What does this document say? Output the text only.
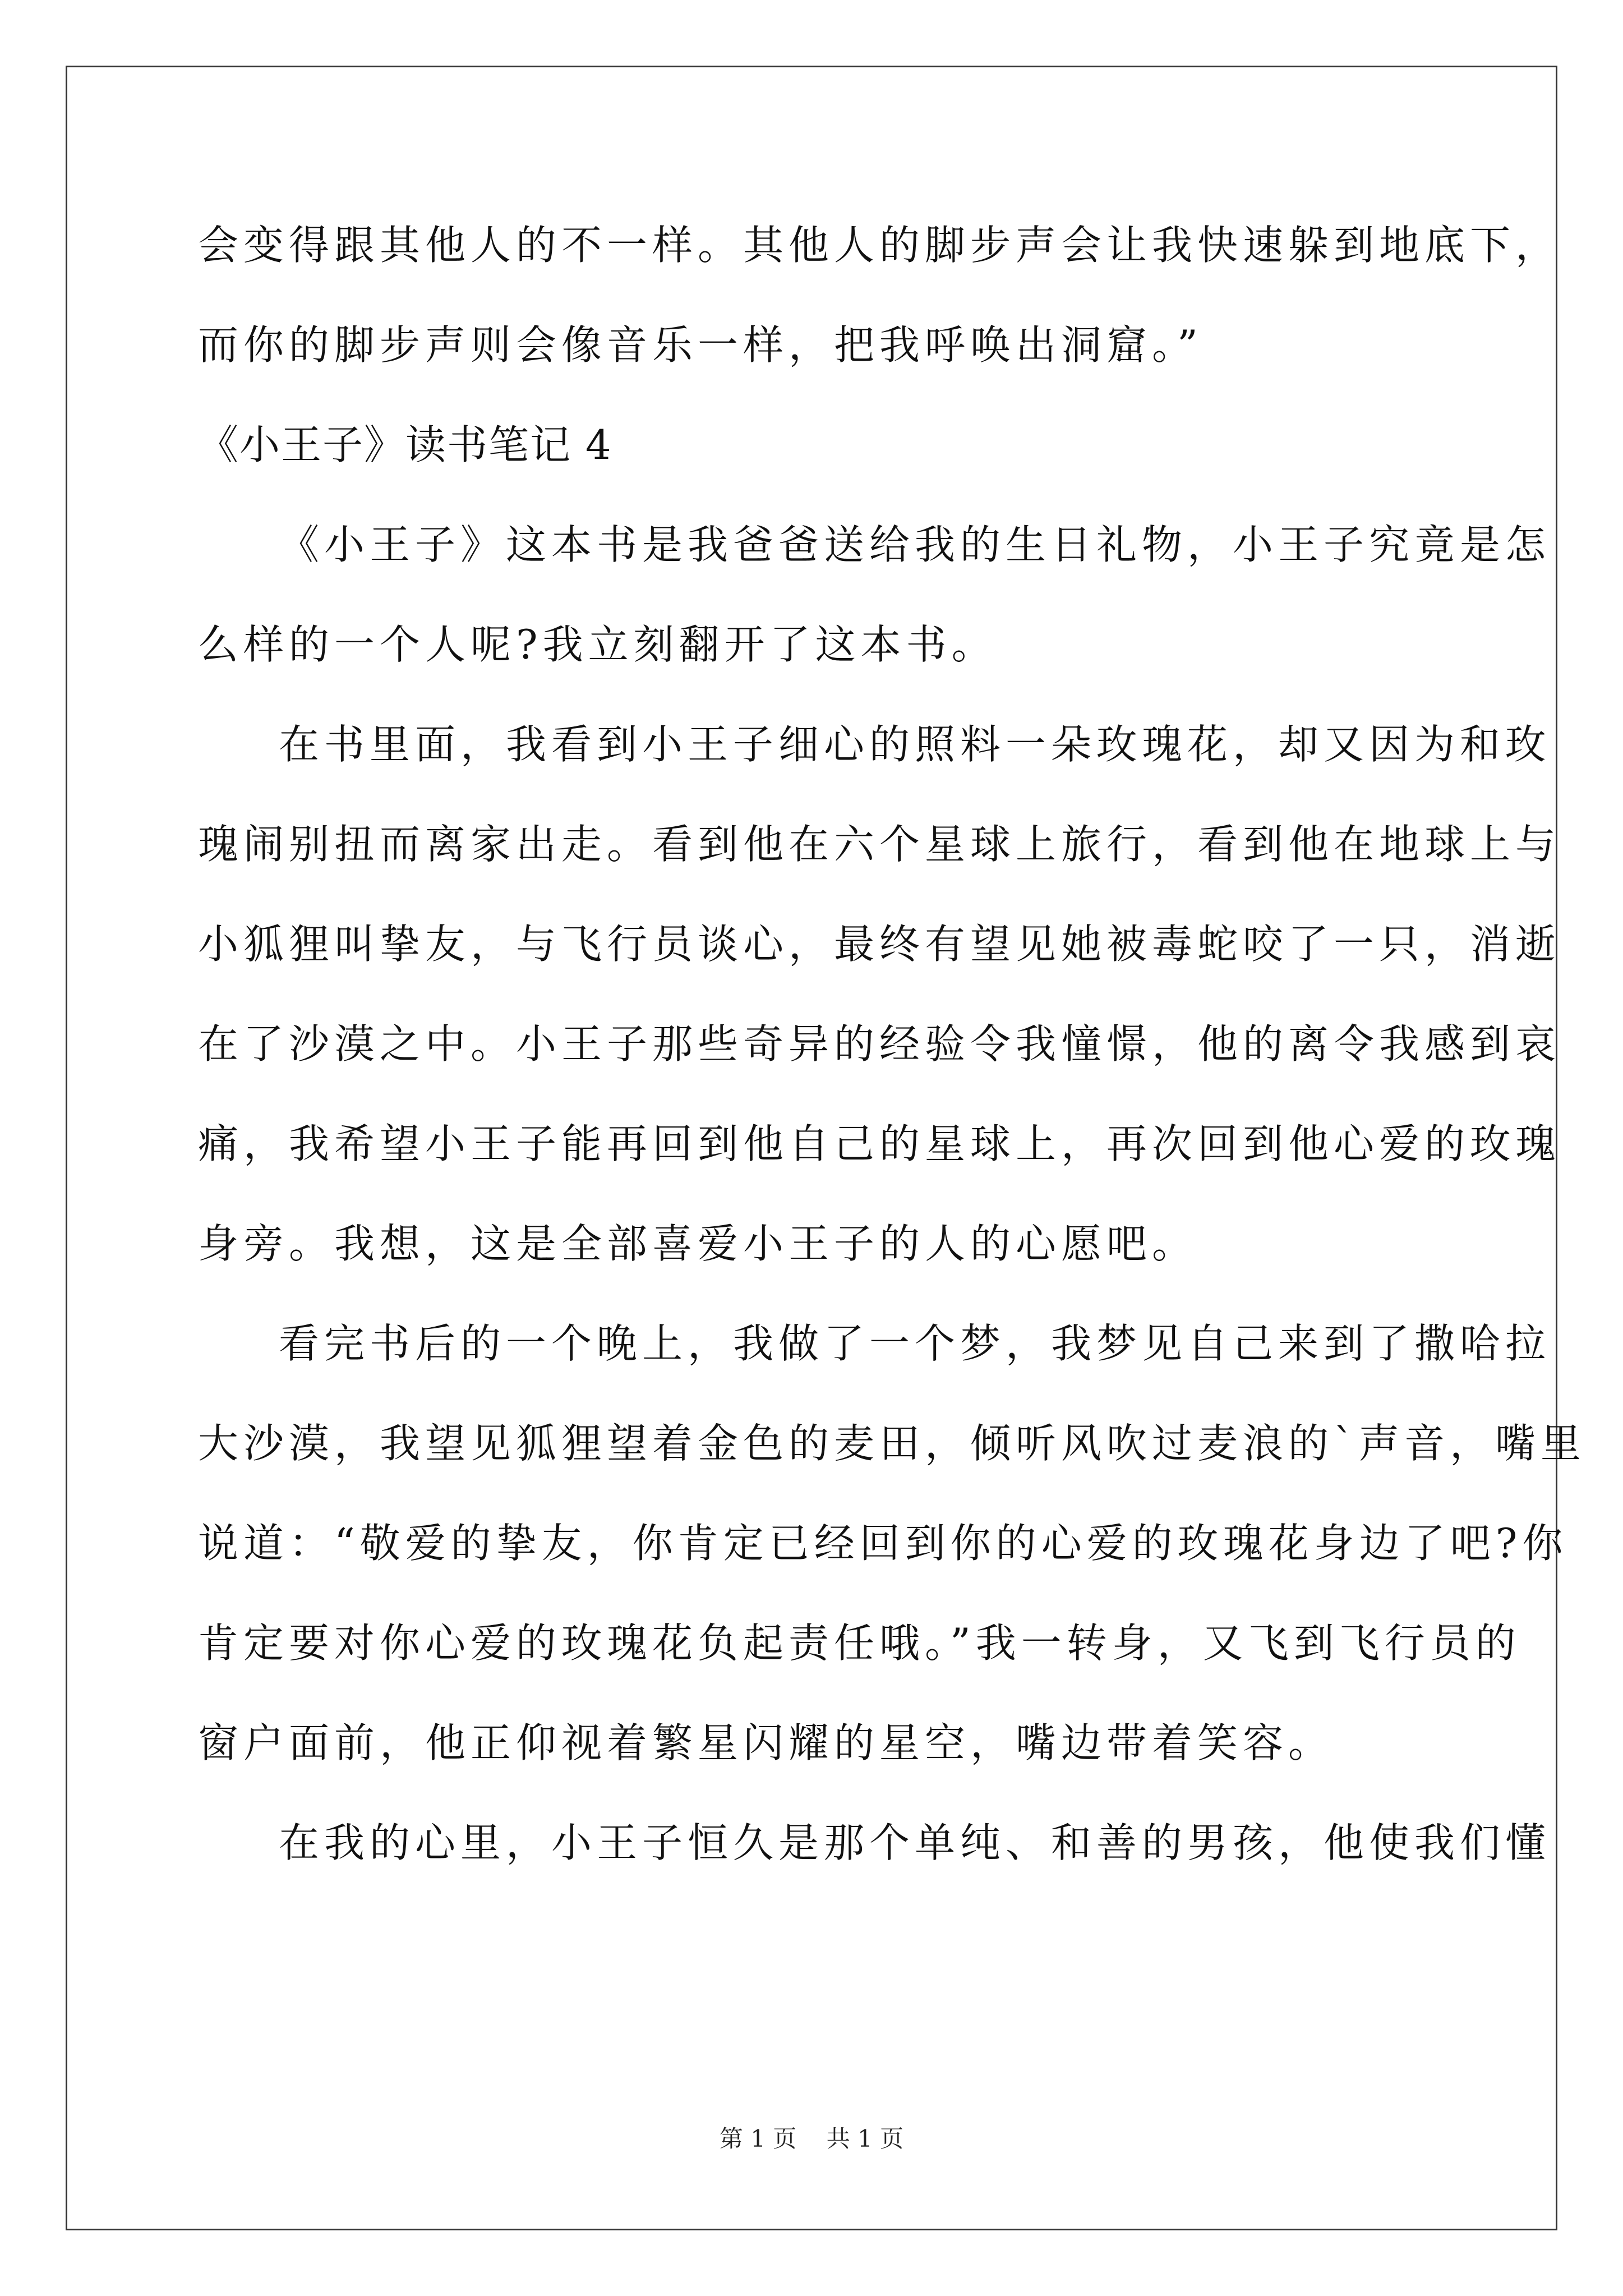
会变得跟其他人的不一样。其他人的脚步声会让我快速躲到地底下，
而你的脚步声则会像音乐一样，把我呼唤出洞窟。”
《小王子》读书笔记 4
《小王子》这本书是我爸爸送给我的生日礼物，小王子究竟是怎
么样的一个人呢?我立刻翻开了这本书。
在书里面，我看到小王子细心的照料一朵玫瑰花，却又因为和玫
瑰闹别扭而离家出走。看到他在六个星球上旅行，看到他在地球上与
小狐狸叫挚友，与飞行员谈心，最终有望见她被毒蛇咬了一只，消逝
在了沙漠之中。小王子那些奇异的经验令我憧憬，他的离令我感到哀
痛，我希望小王子能再回到他自己的星球上，再次回到他心爱的玫瑰
身旁。我想，这是全部喜爱小王子的人的心愿吧。
看完书后的一个晚上，我做了一个梦，我梦见自己来到了撒哈拉
大沙漠，我望见狐狸望着金色的麦田，倾听风吹过麦浪的`声音，嘴里
说道：“敬爱的挚友，你肯定已经回到你的心爱的玫瑰花身边了吧?你
肯定要对你心爱的玫瑰花负起责任哦。”我一转身，又飞到飞行员的
窗户面前，他正仰视着繁星闪耀的星空，嘴边带着笑容。
在我的心里，小王子恒久是那个单纯、和善的男孩，他使我们懂
第 1 页    共 1 页
